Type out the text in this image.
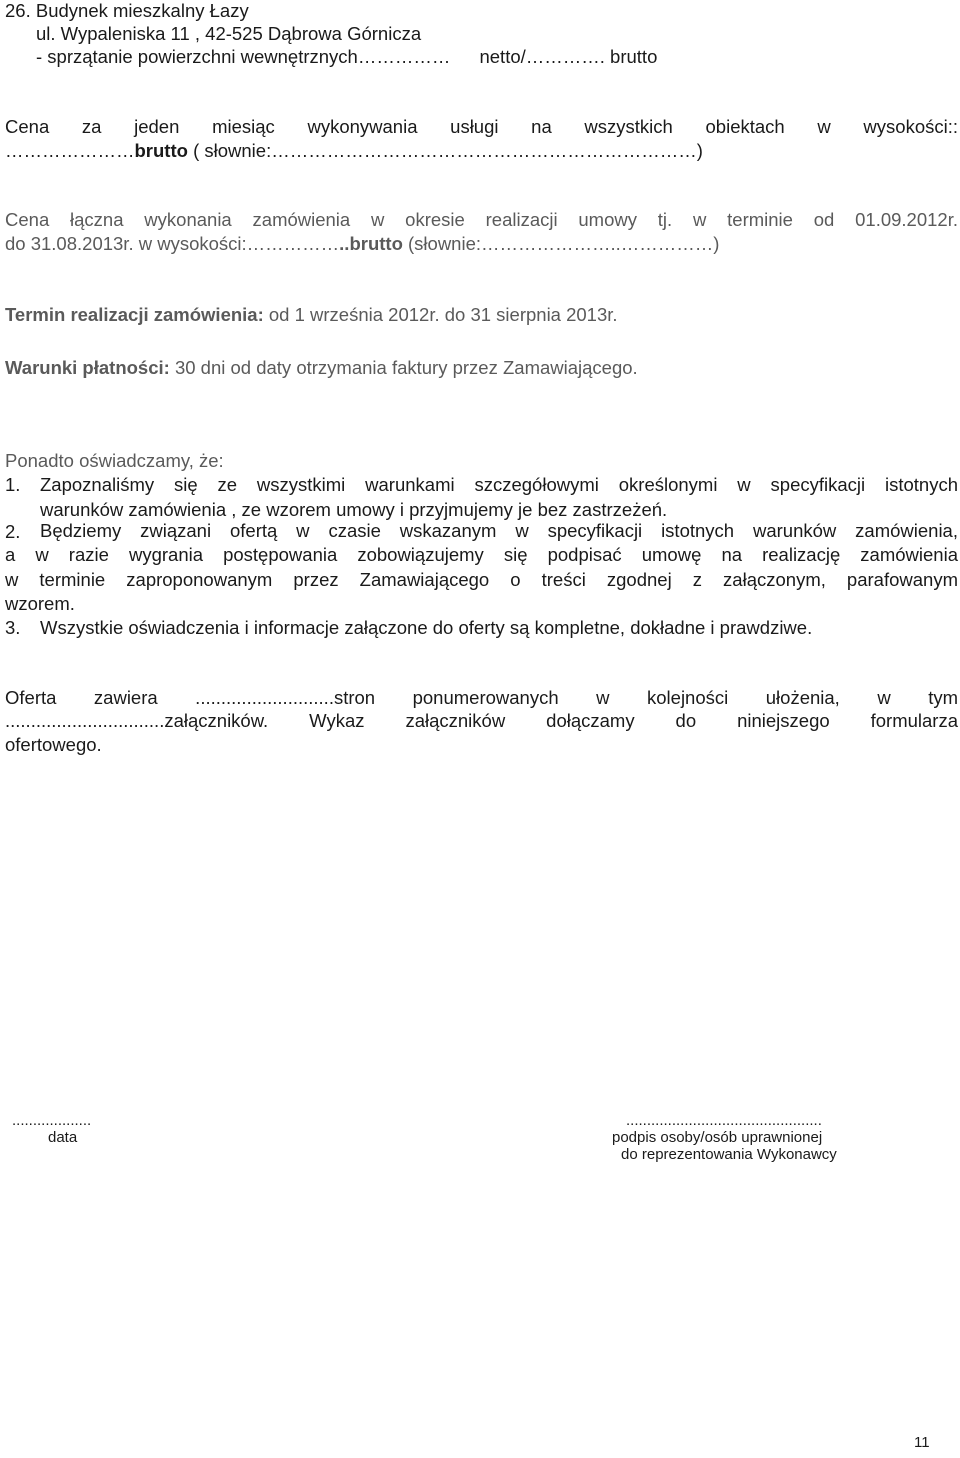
26. Budynek mieszkalny Łazy
ul. Wypaleniska 11 , 42-525 Dąbrowa Górnicza
- sprzątanie powierzchni wewnętrznych…………… netto/…………. brutto
Cena za jeden miesiąc wykonywania usługi na wszystkich obiektach w wysokości::
…………………brutto ( słownie:……………………………………………………………)
Cena łączna wykonania zamówienia w okresie realizacji umowy tj. w terminie od 01.09.2012r.
do 31.08.2013r. w wysokości:……………..brutto (słownie:…………………..……………)
Termin realizacji zamówienia: od 1 września 2012r. do 31 sierpnia 2013r.
Warunki płatności: 30 dni od daty otrzymania faktury przez Zamawiającego.
Ponadto oświadczamy, że:
1. Zapoznaliśmy się ze wszystkimi warunkami szczegółowymi określonymi w specyfikacji istotnych
warunków zamówienia , ze wzorem umowy i przyjmujemy je bez zastrzeżeń.
2. Będziemy związani ofertą w czasie wskazanym w specyfikacji istotnych warunków zamówienia,
a w razie wygrania postępowania zobowiązujemy się podpisać umowę na realizację zamówienia
w terminie zaproponowanym przez Zamawiającego o treści zgodnej z załączonym, parafowanym
wzorem.
3. Wszystkie oświadczenia i informacje załączone do oferty są kompletne, dokładne i prawdziwe.
Oferta zawiera ...........................stron ponumerowanych w kolejności ułożenia, w tym
...............................załączników. Wykaz załączników dołączamy do niniejszego formularza
ofertowego.
...................
data
...............................................
podpis osoby/osób uprawnionej
do reprezentowania Wykonawcy
11
